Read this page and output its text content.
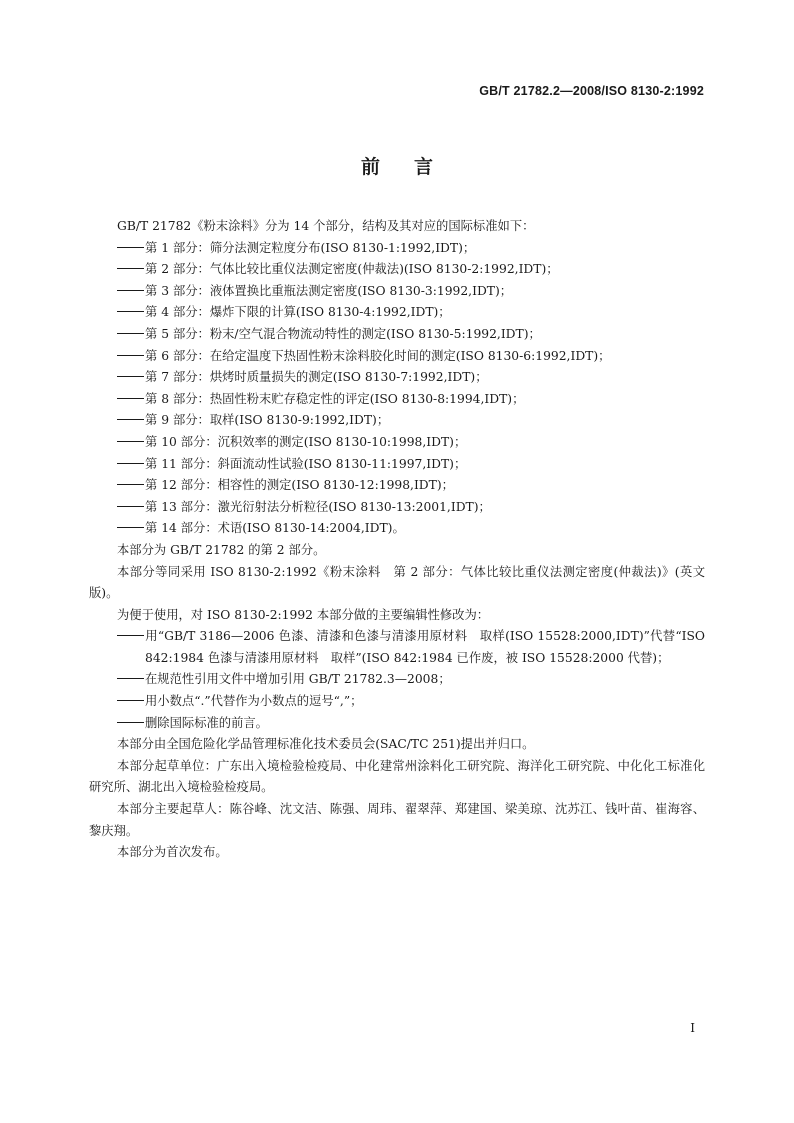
GB/T 21782.2—2008/ISO 8130-2:1992
前 言

GB/T 21782《粉末涂料》分为 14 个部分，结构及其对应的国际标准如下：

第 1 部分：筛分法测定粒度分布(ISO 8130-1:1992,IDT)；

第 2 部分：气体比较比重仪法测定密度(仲裁法)(ISO 8130-2:1992,IDT)；

第 3 部分：液体置换比重瓶法测定密度(ISO 8130-3:1992,IDT)；

第 4 部分：爆炸下限的计算(ISO 8130-4:1992,IDT)；

第 5 部分：粉末/空气混合物流动特性的测定(ISO 8130-5:1992,IDT)；

第 6 部分：在给定温度下热固性粉末涂料胶化时间的测定(ISO 8130-6:1992,IDT)；

第 7 部分：烘烤时质量损失的测定(ISO 8130-7:1992,IDT)；

第 8 部分：热固性粉末贮存稳定性的评定(ISO 8130-8:1994,IDT)；

第 9 部分：取样(ISO 8130-9:1992,IDT)；

第 10 部分：沉积效率的测定(ISO 8130-10:1998,IDT)；

第 11 部分：斜面流动性试验(ISO 8130-11:1997,IDT)；

第 12 部分：相容性的测定(ISO 8130-12:1998,IDT)；

第 13 部分：激光衍射法分析粒径(ISO 8130-13:2001,IDT)；

第 14 部分：术语(ISO 8130-14:2004,IDT)。

本部分为 GB/T 21782 的第 2 部分。

本部分等同采用 ISO 8130-2:1992《粉末涂料　第 2 部分：气体比较比重仪法测定密度(仲裁法)》(英文版)。

为便于使用，对 ISO 8130-2:1992 本部分做的主要编辑性修改为：

用“GB/T 3186—2006 色漆、清漆和色漆与清漆用原材料　取样(ISO 15528:2000,IDT)”代替“ISO 842:1984 色漆与清漆用原材料　取样”(ISO 842:1984 已作废，被 ISO 15528:2000 代替)；

在规范性引用文件中增加引用 GB/T 21782.3—2008；

用小数点“.”代替作为小数点的逗号“,”；

删除国际标准的前言。

本部分由全国危险化学品管理标准化技术委员会(SAC/TC 251)提出并归口。

本部分起草单位：广东出入境检验检疫局、中化建常州涂料化工研究院、海洋化工研究院、中化化工标准化研究所、湖北出入境检验检疫局。

本部分主要起草人：陈谷峰、沈文洁、陈强、周玮、翟翠萍、郑建国、梁美琼、沈苏江、钱叶苗、崔海容、黎庆翔。

本部分为首次发布。

I
